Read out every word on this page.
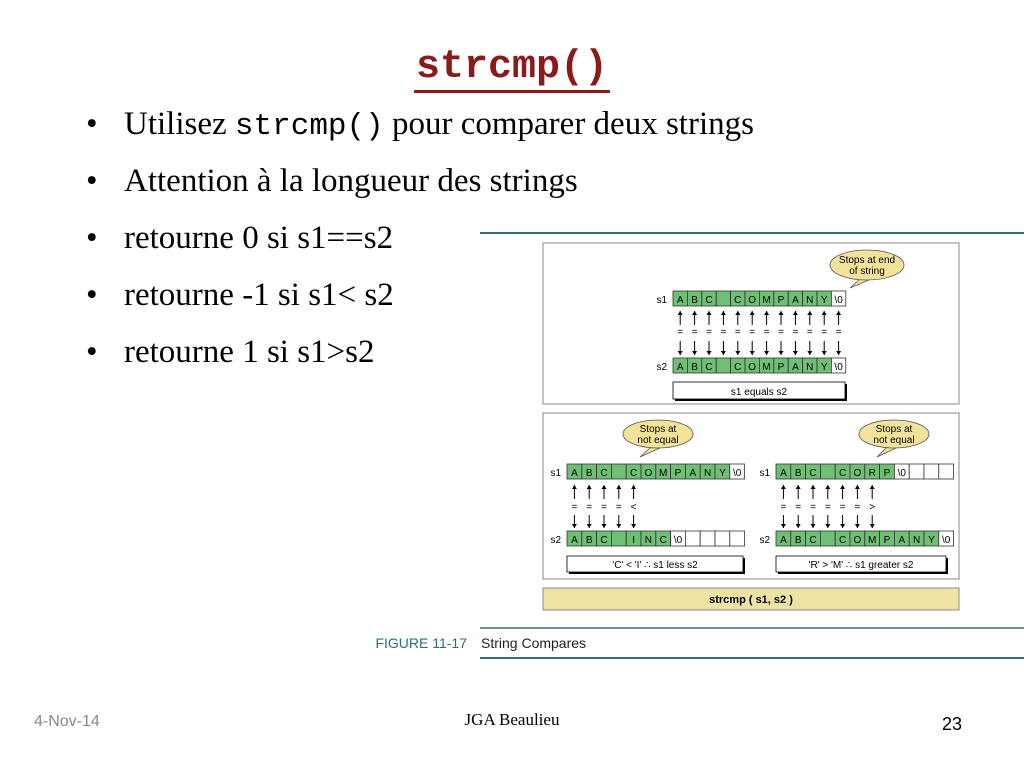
strcmp()
• Utilisez strcmp() pour comparer deux strings
• Attention à la longueur des strings
• retourne 0 si s1==s2
• retourne -1 si s1< s2
• retourne 1 si s1>s2
FIGURE 11-17 String Compares
strcmp ( s1, s2 )
Stops at end
of string
s1 A B C C O M P A N Y \0
= = = = = = = = = = = =
s2 A B C C O M P A N Y \0
s1 equals s2
Stops at
not equal
s1 A B C C O M P A N Y \0
= = = = <
s2 A B C I N C \0
'C' < 'I' ∴ s1 less s2
Stops at
not equal
s1 A B C C O R P \0
= = = = = = >
s2 A B C C O M P A N Y \0
'R' > 'M' ∴ s1 greater s2
4-Nov-14	JGA Beaulieu	23
